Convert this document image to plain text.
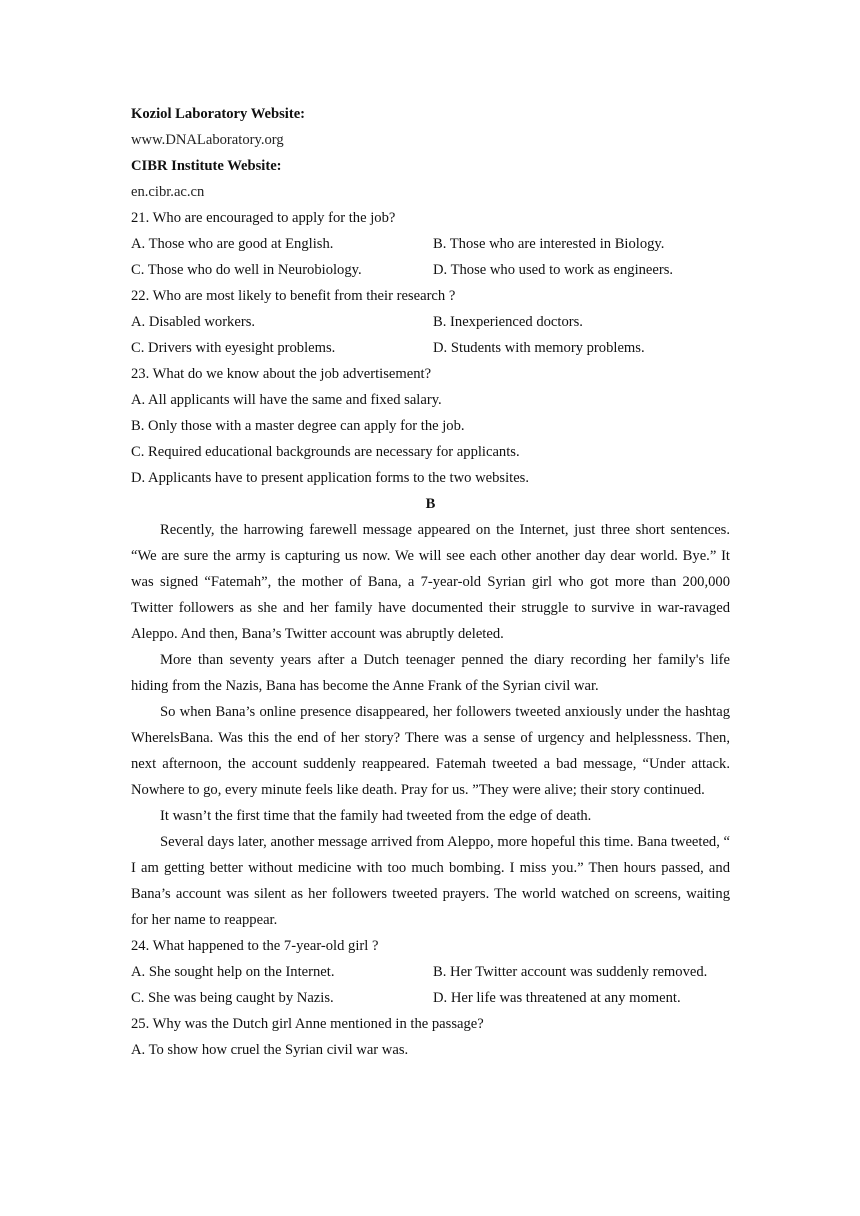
Koziol Laboratory Website:

www.DNALaboratory.org

CIBR Institute Website:

en.cibr.ac.cn

21. Who are encouraged to apply for the job?

A. Those who are good at English.	B. Those who are interested in Biology.
C. Those who do well in Neurobiology.	D. Those who used to work as engineers.

22. Who are most likely to benefit from their research ?

A. Disabled workers.	B. Inexperienced doctors.
C. Drivers with eyesight problems.	D. Students with memory problems.

23. What do we know about the job advertisement?

A. All applicants will have the same and fixed salary.

B. Only those with a master degree can apply for the job.

C. Required educational backgrounds are necessary for applicants.

D. Applicants have to present application forms to the two websites.

B

Recently, the harrowing farewell message appeared on the Internet, just three short sentences. “We are sure the army is capturing us now. We will see each other another day dear world. Bye.” It was signed “Fatemah”, the mother of Bana, a 7-year-old Syrian girl who got more than 200,000 Twitter followers as she and her family have documented their struggle to survive in war-ravaged Aleppo. And then, Bana’s Twitter account was abruptly deleted.

More than seventy years after a Dutch teenager penned the diary recording her family's life hiding from the Nazis, Bana has become the Anne Frank of the Syrian civil war.

So when Bana’s online presence disappeared, her followers tweeted anxiously under the hashtag WherelsBana. Was this the end of her story? There was a sense of urgency and helplessness. Then, next afternoon, the account suddenly reappeared. Fatemah tweeted a bad message, “Under attack. Nowhere to go, every minute feels like death. Pray for us. ”They were alive; their story continued.

It wasn’t the first time that the family had tweeted from the edge of death.

Several days later, another message arrived from Aleppo, more hopeful this time. Bana tweeted, “ I am getting better without medicine with too much bombing. I miss you.” Then hours passed, and Bana’s account was silent as her followers tweeted prayers. The world watched on screens, waiting for her name to reappear.

24. What happened to the 7-year-old girl ?

A. She sought help on the Internet.	B. Her Twitter account was suddenly removed.
C. She was being caught by Nazis.	D. Her life was threatened at any moment.

25. Why was the Dutch girl Anne mentioned in the passage?

A. To show how cruel the Syrian civil war was.
